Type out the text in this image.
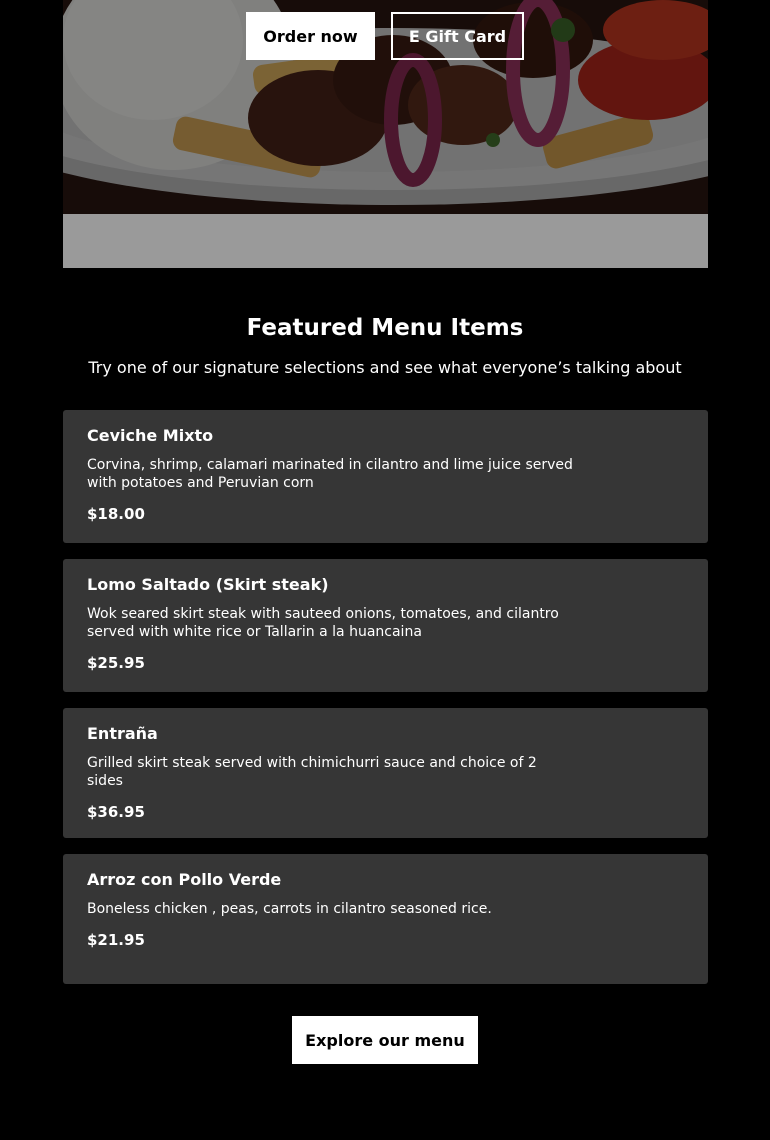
Order now	E Gift Card
Featured Menu Items

Try one of our signature selections and see what everyone’s talking about

Ceviche Mixto

Corvina, shrimp, calamari marinated in cilantro and lime juice served with potatoes and Peruvian corn

$18.00

Lomo Saltado (Skirt steak)

Wok seared skirt steak with sauteed onions, tomatoes, and cilantro served with white rice or Tallarin a la huancaina

$25.95

Entraña

Grilled skirt steak served with chimichurri sauce and choice of 2 sides

$36.95

Arroz con Pollo Verde

Boneless chicken , peas, carrots in cilantro seasoned rice.

$21.95

Explore our menu
